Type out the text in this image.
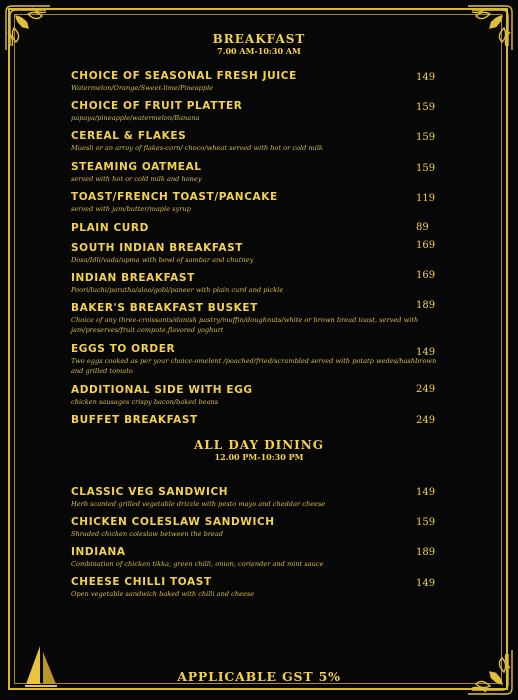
BREAKFAST
7.00 AM-10:30 AM
CHOICE OF SEASONAL FRESH JUICE
Watermelon/Orange/Sweet-lime/Pineapple
149
CHOICE OF FRUIT PLATTER
papaya/pineapple/watermelon/Banana
159
CEREAL & FLAKES
Muesli or an array of flakes-corn/ choco/wheat served with hot or cold milk
159
STEAMING OATMEAL
served with hot or cold milk and honey
159
TOAST/FRENCH TOAST/PANCAKE
served with jam/butter/maple syrup
119
PLAIN CURD	89
SOUTH INDIAN BREAKFAST
Dosa/Idli/vada/upma with bowl of sambar and chutney
169
INDIAN BREAKFAST
Poori/luchi/paratha/aloo/gobi/paneer with plain curd and pickle
169
BAKER'S BREAKFAST BUSKET
Choice of any three-croissants/danish pastry/muffin/doughnuts/white or brown bread toast, served with jam/preserves/fruit compote,flavored yoghurt
189
EGGS TO ORDER
Two eggs cooked as per your choice-omelent /poached/fried/scrambled served with potatp wedes/hashbrown and grilled tomato
149
ADDITIONAL SIDE WITH EGG
chicken sausages crispy bacon/baked beans
249
BUFFET BREAKFAST	249
ALL DAY DINING
12.00 PM-10:30 PM
CLASSIC VEG SANDWICH
Herb scanted grilled vegetable drizzle with pesto mayo and cheddar cheese
149
CHICKEN COLESLAW SANDWICH
Shraded chicken coleslaw between the bread
159
INDIANA
Combination of chicken tikka, green chilli, onion, coriender and mint sauce
189
CHEESE CHILLI TOAST
Open vegetable sandwich baked with chilli and cheese
149
APPLICABLE GST 5%
